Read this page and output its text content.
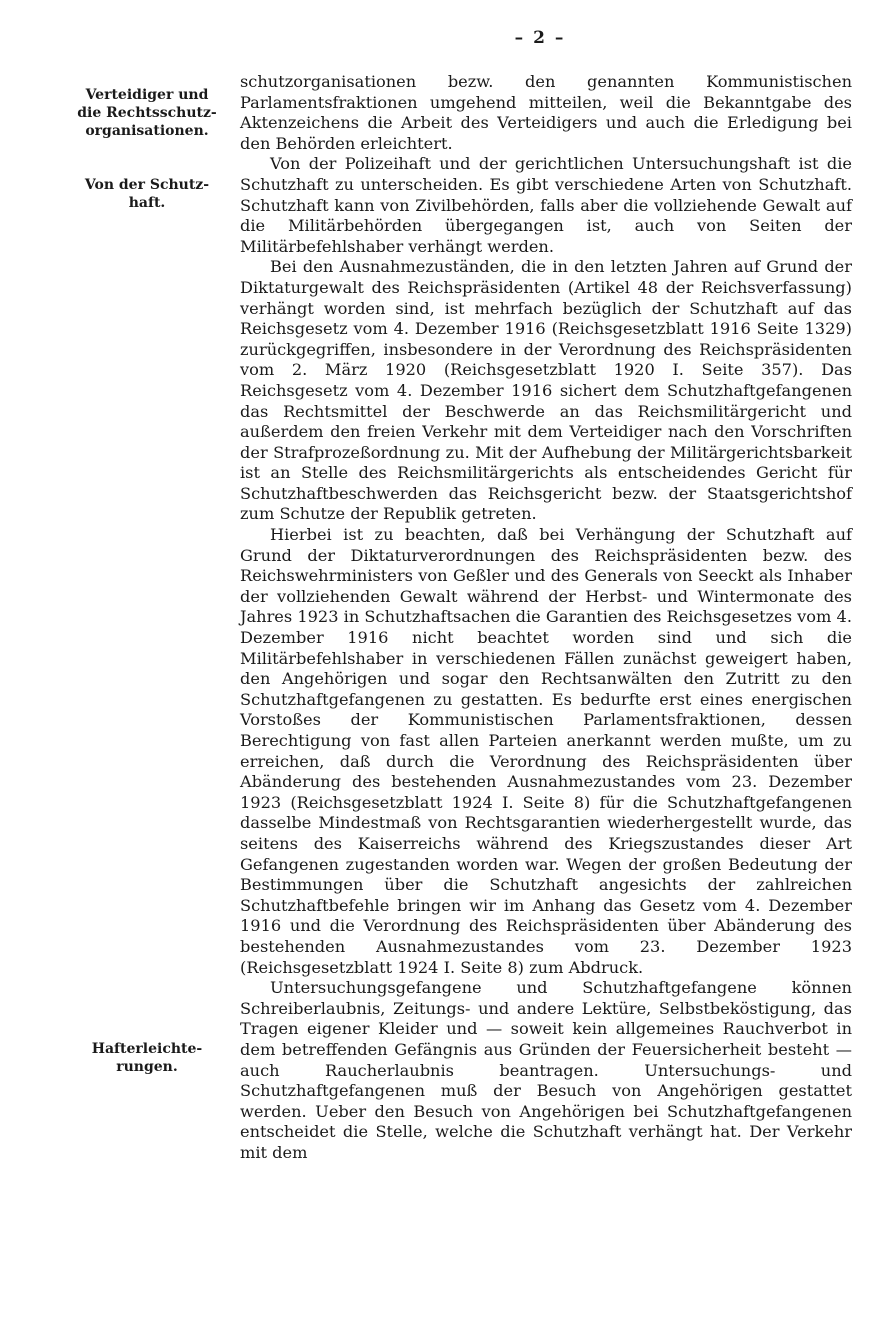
– 2 –
Verteidiger und die Rechtsschutz-organisationen.
Von der Schutz-haft.
Hafterleichte-rungen.

schutzorganisationen bezw. den genannten Kommunistischen Parlamentsfraktionen umgehend mitteilen, weil die Bekanntgabe des Aktenzeichens die Arbeit des Verteidigers und auch die Erledigung bei den Behörden erleichtert.

Von der Polizeihaft und der gerichtlichen Untersuchungshaft ist die Schutzhaft zu unterscheiden. Es gibt verschiedene Arten von Schutzhaft. Schutzhaft kann von Zivilbehörden, falls aber die vollziehende Gewalt auf die Militärbehörden übergegangen ist, auch von Seiten der Militärbefehlshaber verhängt werden.

Bei den Ausnahmezuständen, die in den letzten Jahren auf Grund der Diktaturgewalt des Reichspräsidenten (Artikel 48 der Reichsverfassung) verhängt worden sind, ist mehrfach bezüglich der Schutzhaft auf das Reichsgesetz vom 4. Dezember 1916 (Reichsgesetzblatt 1916 Seite 1329) zurückgegriffen, insbesondere in der Verordnung des Reichspräsidenten vom 2. März 1920 (Reichsgesetzblatt 1920 I. Seite 357). Das Reichsgesetz vom 4. Dezember 1916 sichert dem Schutzhaftgefangenen das Rechtsmittel der Beschwerde an das Reichsmilitärgericht und außerdem den freien Verkehr mit dem Verteidiger nach den Vorschriften der Strafprozeßordnung zu. Mit der Aufhebung der Militärgerichtsbarkeit ist an Stelle des Reichsmilitärgerichts als entscheidendes Gericht für Schutzhaftbeschwerden das Reichsgericht bezw. der Staatsgerichtshof zum Schutze der Republik getreten.

Hierbei ist zu beachten, daß bei Verhängung der Schutzhaft auf Grund der Diktaturverordnungen des Reichspräsidenten bezw. des Reichswehrministers von Geßler und des Generals von Seeckt als Inhaber der vollziehenden Gewalt während der Herbst- und Wintermonate des Jahres 1923 in Schutzhaftsachen die Garantien des Reichsgesetzes vom 4. Dezember 1916 nicht beachtet worden sind und sich die Militärbefehlshaber in verschiedenen Fällen zunächst geweigert haben, den Angehörigen und sogar den Rechtsanwälten den Zutritt zu den Schutzhaftgefangenen zu gestatten. Es bedurfte erst eines energischen Vorstoßes der Kommunistischen Parlamentsfraktionen, dessen Berechtigung von fast allen Parteien anerkannt werden mußte, um zu erreichen, daß durch die Verordnung des Reichspräsidenten über Abänderung des bestehenden Ausnahmezustandes vom 23. Dezember 1923 (Reichsgesetzblatt 1924 I. Seite 8) für die Schutzhaftgefangenen dasselbe Mindestmaß von Rechtsgarantien wiederhergestellt wurde, das seitens des Kaiserreichs während des Kriegszustandes dieser Art Gefangenen zugestanden worden war. Wegen der großen Bedeutung der Bestimmungen über die Schutzhaft angesichts der zahlreichen Schutzhaftbefehle bringen wir im Anhang das Gesetz vom 4. Dezember 1916 und die Verordnung des Reichspräsidenten über Abänderung des bestehenden Ausnahmezustandes vom 23. Dezember 1923 (Reichsgesetzblatt 1924 I. Seite 8) zum Abdruck.

Untersuchungsgefangene und Schutzhaftgefangene können Schreiberlaubnis, Zeitungs- und andere Lektüre, Selbstbeköstigung, das Tragen eigener Kleider und — soweit kein allgemeines Rauchverbot in dem betreffenden Gefängnis aus Gründen der Feuersicherheit besteht — auch Raucherlaubnis beantragen. Untersuchungs- und Schutzhaftgefangenen muß der Besuch von Angehörigen gestattet werden. Ueber den Besuch von Angehörigen bei Schutzhaftgefangenen entscheidet die Stelle, welche die Schutzhaft verhängt hat. Der Verkehr mit dem
